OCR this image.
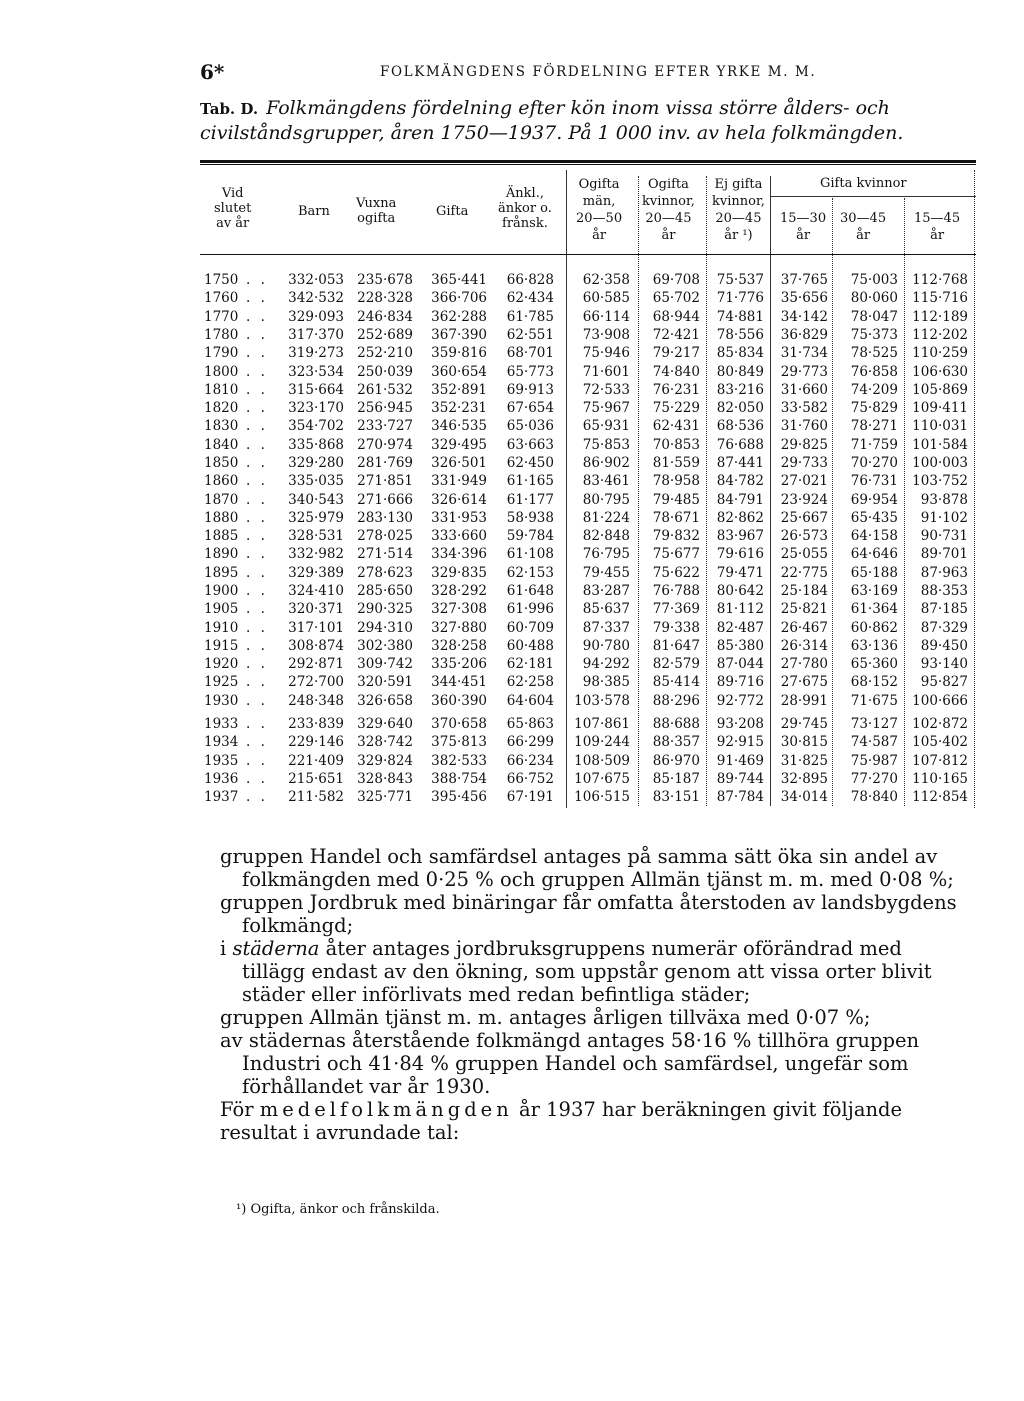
6*	FOLKMÄNGDENS FÖRDELNING EFTER YRKE M. M.
Tab. D. Folkmängdens fördelning efter kön inom vissa större ålders- och civilståndsgrupper, åren 1750—1937. På 1 000 inv. av hela folkmängden.
Vid
slutet
av år
Barn
Vuxna
ogifta	Gifta
Änkl.,
änkor o.
frånsk.
Ogifta
män,
20—50
år
Ogifta
kvinnor,
20—45
år
Ej gifta
kvinnor,
20—45
år ¹)
Gifta kvinnor
15—30
år
30—45
år
15—45
år
1750 . . 332·053 235·678 365·441 66·828 62·358 69·708 75·537 37·765 75·003 112·768
1760 . . 342·532 228·328 366·706 62·434 60·585 65·702 71·776 35·656 80·060 115·716
1770 . . 329·093 246·834 362·288 61·785 66·114 68·944 74·881 34·142 78·047 112·189
1780 . . 317·370 252·689 367·390 62·551 73·908 72·421 78·556 36·829 75·373 112·202
1790 . . 319·273 252·210 359·816 68·701 75·946 79·217 85·834 31·734 78·525 110·259
1800 . . 323·534 250·039 360·654 65·773 71·601 74·840 80·849 29·773 76·858 106·630
1810 . . 315·664 261·532 352·891 69·913 72·533 76·231 83·216 31·660 74·209 105·869
1820 . . 323·170 256·945 352·231 67·654 75·967 75·229 82·050 33·582 75·829 109·411
1830 . . 354·702 233·727 346·535 65·036 65·931 62·431 68·536 31·760 78·271 110·031
1840 . . 335·868 270·974 329·495 63·663 75·853 70·853 76·688 29·825 71·759 101·584
1850 . . 329·280 281·769 326·501 62·450 86·902 81·559 87·441 29·733 70·270 100·003
1860 . . 335·035 271·851 331·949 61·165 83·461 78·958 84·782 27·021 76·731 103·752
1870 . . 340·543 271·666 326·614 61·177 80·795 79·485 84·791 23·924 69·954 93·878
1880 . . 325·979 283·130 331·953 58·938 81·224 78·671 82·862 25·667 65·435 91·102
1885 . . 328·531 278·025 333·660 59·784 82·848 79·832 83·967 26·573 64·158 90·731
1890 . . 332·982 271·514 334·396 61·108 76·795 75·677 79·616 25·055 64·646 89·701
1895 . . 329·389 278·623 329·835 62·153 79·455 75·622 79·471 22·775 65·188 87·963
1900 . . 324·410 285·650 328·292 61·648 83·287 76·788 80·642 25·184 63·169 88·353
1905 . . 320·371 290·325 327·308 61·996 85·637 77·369 81·112 25·821 61·364 87·185
1910 . . 317·101 294·310 327·880 60·709 87·337 79·338 82·487 26·467 60·862 87·329
1915 . . 308·874 302·380 328·258 60·488 90·780 81·647 85·380 26·314 63·136 89·450
1920 . . 292·871 309·742 335·206 62·181 94·292 82·579 87·044 27·780 65·360 93·140
1925 . . 272·700 320·591 344·451 62·258 98·385 85·414 89·716 27·675 68·152 95·827
1930 . . 248·348 326·658 360·390 64·604 103·578 88·296 92·772 28·991 71·675 100·666
1933 . . 233·839 329·640 370·658 65·863 107·861 88·688 93·208 29·745 73·127 102·872
1934 . . 229·146 328·742 375·813 66·299 109·244 88·357 92·915 30·815 74·587 105·402
1935 . . 221·409 329·824 382·533 66·234 108·509 86·970 91·469 31·825 75·987 107·812
1936 . . 215·651 328·843 388·754 66·752 107·675 85·187 89·744 32·895 77·270 110·165
1937 . . 211·582 325·771 395·456 67·191 106·515 83·151 87·784 34·014 78·840 112·854

gruppen Handel och samfärdsel antages på samma sätt öka sin andel av folkmängden med 0·25 % och gruppen Allmän tjänst m. m. med 0·08 %;

gruppen Jordbruk med binäringar får omfatta återstoden av landsbygdens folkmängd;

i städerna åter antages jordbruksgruppens numerär oförändrad med tillägg endast av den ökning, som uppstår genom att vissa orter blivit städer eller införlivats med redan befintliga städer;

gruppen Allmän tjänst m. m. antages årligen tillväxa med 0·07 %;

av städernas återstående folkmängd antages 58·16 % tillhöra gruppen Industri och 41·84 % gruppen Handel och samfärdsel, ungefär som förhållandet var år 1930.

För medelfolkmängden år 1937 har beräkningen givit följande resultat i avrundade tal:

¹) Ogifta, änkor och frånskilda.
